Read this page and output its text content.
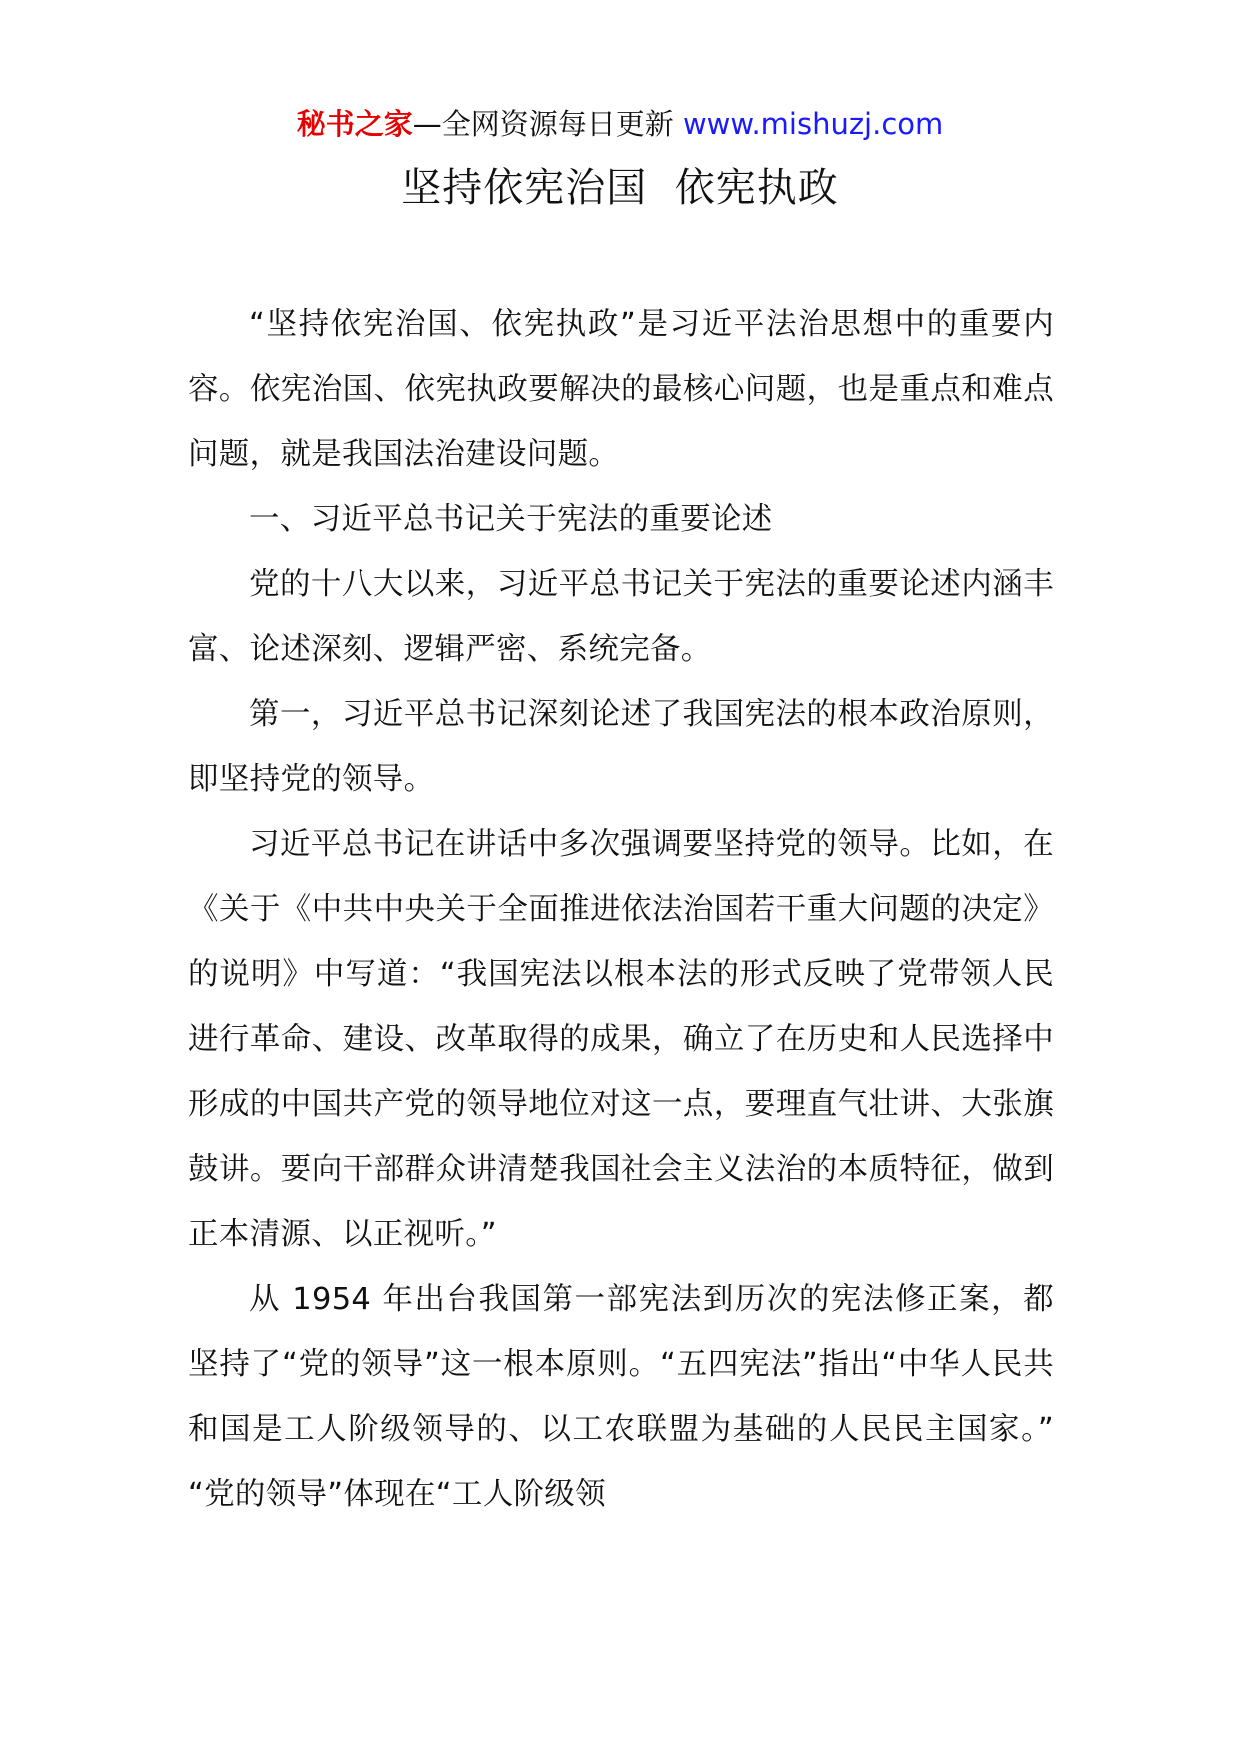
秘书之家—全网资源每日更新 www.mishuzj.com
坚持依宪治国  依宪执政

“坚持依宪治国、依宪执政”是习近平法治思想中的重要内容。依宪治国、依宪执政要解决的最核心问题，也是重点和难点问题，就是我国法治建设问题。

一、习近平总书记关于宪法的重要论述

党的十八大以来，习近平总书记关于宪法的重要论述内涵丰富、论述深刻、逻辑严密、系统完备。

第一，习近平总书记深刻论述了我国宪法的根本政治原则，即坚持党的领导。

习近平总书记在讲话中多次强调要坚持党的领导。比如，在《关于《中共中央关于全面推进依法治国若干重大问题的决定》的说明》中写道：“我国宪法以根本法的形式反映了党带领人民进行革命、建设、改革取得的成果，确立了在历史和人民选择中形成的中国共产党的领导地位对这一点，要理直气壮讲、大张旗鼓讲。要向干部群众讲清楚我国社会主义法治的本质特征，做到正本清源、以正视听。”

从 1954 年出台我国第一部宪法到历次的宪法修正案，都坚持了“党的领导”这一根本原则。“五四宪法”指出“中华人民共和国是工人阶级领导的、以工农联盟为基础的人民民主国家。” “党的领导”体现在“工人阶级领
